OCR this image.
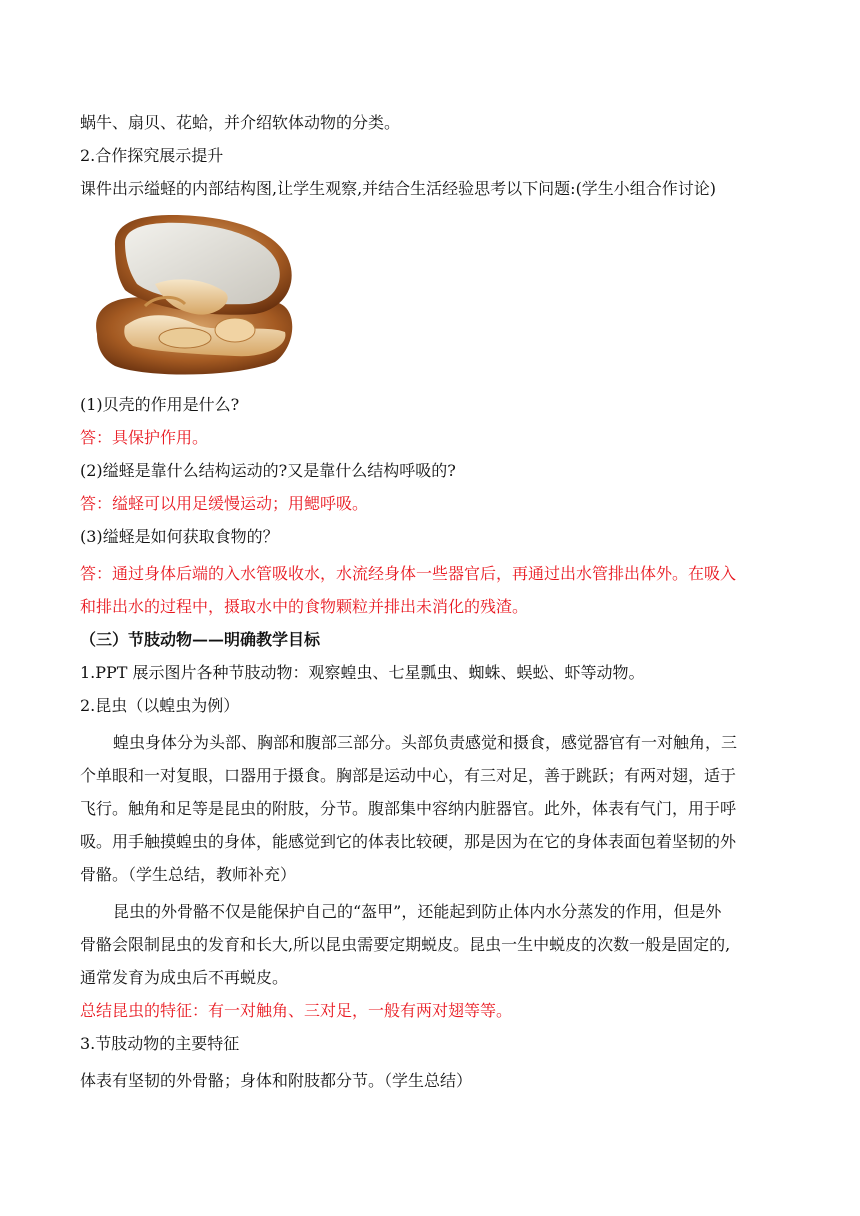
蜗牛、扇贝、花蛤，并介绍软体动物的分类。
2.合作探究展示提升
课件出示缢蛏的内部结构图,让学生观察,并结合生活经验思考以下问题:(学生小组合作讨论)
(1)贝壳的作用是什么?
答：具保护作用。
(2)缢蛏是靠什么结构运动的?又是靠什么结构呼吸的?
答：缢蛏可以用足缓慢运动；用鳃呼吸。
(3)缢蛏是如何获取食物的？
答：通过身体后端的入水管吸收水，水流经身体一些器官后，再通过出水管排出体外。在吸入
和排出水的过程中，摄取水中的食物颗粒并排出未消化的残渣。
（三）节肢动物——明确教学目标
1.PPT 展示图片各种节肢动物：观察蝗虫、七星瓢虫、蜘蛛、蜈蚣、虾等动物。
2.昆虫（以蝗虫为例）
蝗虫身体分为头部、胸部和腹部三部分。头部负责感觉和摄食，感觉器官有一对触角，三
个单眼和一对复眼，口器用于摄食。胸部是运动中心，有三对足，善于跳跃；有两对翅，适于
飞行。触角和足等是昆虫的附肢，分节。腹部集中容纳内脏器官。此外，体表有气门，用于呼
吸。用手触摸蝗虫的身体，能感觉到它的体表比较硬，那是因为在它的身体表面包着坚韧的外
骨骼。（学生总结，教师补充）
昆虫的外骨骼不仅是能保护自己的“盔甲”，还能起到防止体内水分蒸发的作用，但是外
骨骼会限制昆虫的发育和长大,所以昆虫需要定期蜕皮。昆虫一生中蜕皮的次数一般是固定的,
通常发育为成虫后不再蜕皮。
总结昆虫的特征：有一对触角、三对足，一般有两对翅等等。
3.节肢动物的主要特征
体表有坚韧的外骨骼；身体和附肢都分节。（学生总结）
